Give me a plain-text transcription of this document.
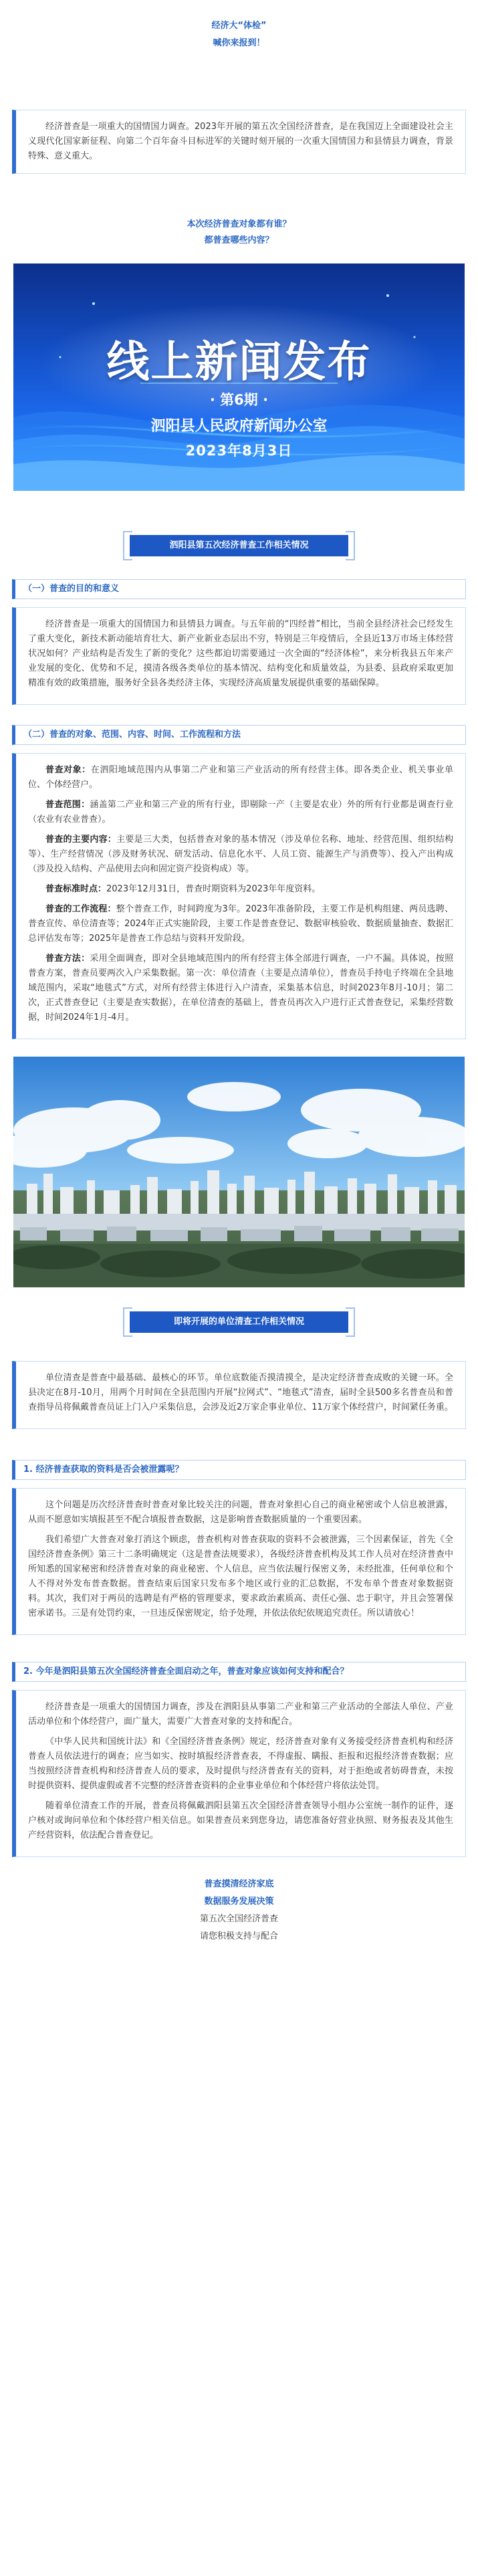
经济大“体检”
喊你来报到！
经济普查是一项重大的国情国力调查。2023年开展的第五次全国经济普查，是在我国迈上全面建设社会主义现代化国家新征程、向第二个百年奋斗目标进军的关键时刻开展的一次重大国情国力和县情县力调查，背景特殊、意义重大。
本次经济普查对象都有谁？
都普查哪些内容？
线上新闻发布
· 第6期 ·
泗阳县人民政府新闻办公室
2023年8月3日
泗阳县第五次经济普查工作相关情况
（一）普查的目的和意义

经济普查是一项重大的国情国力和县情县力调查。与五年前的“四经普”相比，当前全县经济社会已经发生了重大变化，新技术新动能培育壮大、新产业新业态层出不穷，特别是三年疫情后，全县近13万市场主体经营状况如何？产业结构是否发生了新的变化？这些都迫切需要通过一次全面的“经济体检”，来分析我县五年来产业发展的变化、优势和不足，摸清各级各类单位的基本情况、结构变化和质量效益，为县委、县政府采取更加精准有效的政策措施，服务好全县各类经济主体，实现经济高质量发展提供重要的基础保障。

（二）普查的对象、范围、内容、时间、工作流程和方法

普查对象：在泗阳地域范围内从事第二产业和第三产业活动的所有经营主体。即各类企业、机关事业单位、个体经营户。

普查范围：涵盖第二产业和第三产业的所有行业，即剔除一产（主要是农业）外的所有行业都是调查行业（农业有农业普查）。

普查的主要内容：主要是三大类，包括普查对象的基本情况（涉及单位名称、地址、经营范围、组织结构等）、生产经营情况（涉及财务状况、研发活动、信息化水平、人员工资、能源生产与消费等）、投入产出构成（涉及投入结构、产品使用去向和固定资产投资构成）等。

普查标准时点：2023年12月31日，普查时期资料为2023年年度资料。

普查的工作流程：整个普查工作，时间跨度为3年。2023年准备阶段，主要工作是机构组建、两员选聘、普查宣传、单位清查等；2024年正式实施阶段，主要工作是普查登记、数据审核验收、数据质量抽查、数据汇总评估发布等；2025年是普查工作总结与资料开发阶段。

普查方法：采用全面调查，即对全县地域范围内的所有经营主体全部进行调查，一户不漏。具体说，按照普查方案，普查员要两次入户采集数据。第一次：单位清查（主要是点清单位），普查员手持电子终端在全县地域范围内，采取“地毯式”方式，对所有经营主体进行入户清查，采集基本信息，时间2023年8月-10月；第二次，正式普查登记（主要是查实数据），在单位清查的基础上，普查员再次入户进行正式普查登记，采集经营数据，时间2024年1月-4月。

即将开展的单位清查工作相关情况

单位清查是普查中最基础、最核心的环节。单位底数能否摸清摸全，是决定经济普查成败的关键一环。全县决定在8月-10月，用两个月时间在全县范围内开展“拉网式”、“地毯式”清查，届时全县500多名普查员和普查指导员将佩戴普查员证上门入户采集信息，会涉及近2万家企事业单位、11万家个体经营户，时间紧任务重。

1. 经济普查获取的资料是否会被泄露呢？

这个问题是历次经济普查时普查对象比较关注的问题，普查对象担心自己的商业秘密或个人信息被泄露，从而不愿意如实填报甚至不配合填报普查数据，这是影响普查数据质量的一个重要因素。

我们希望广大普查对象打消这个顾虑，普查机构对普查获取的资料不会被泄露，三个因素保证，首先《全国经济普查条例》第三十二条明确规定（这是普查法规要求），各级经济普查机构及其工作人员对在经济普查中所知悉的国家秘密和经济普查对象的商业秘密、个人信息，应当依法履行保密义务，未经批准，任何单位和个人不得对外发布普查数据。普查结束后国家只发布多个地区或行业的汇总数据，不发布单个普查对象数据资料。其次，我们对于两员的选聘是有严格的管理要求，要求政治素质高、责任心强、忠于职守，并且会签署保密承诺书。三是有处罚约束，一旦违反保密规定，给予处理，并依法依纪依规追究责任。所以请放心！

2. 今年是泗阳县第五次全国经济普查全面启动之年，普查对象应该如何支持和配合？

经济普查是一项重大的国情国力调查，涉及在泗阳县从事第二产业和第三产业活动的全部法人单位、产业活动单位和个体经营户，面广量大，需要广大普查对象的支持和配合。

《中华人民共和国统计法》和《全国经济普查条例》规定，经济普查对象有义务接受经济普查机构和经济普查人员依法进行的调查；应当如实、按时填报经济普查表，不得虚报、瞒报、拒报和迟报经济普查数据；应当按照经济普查机构和经济普查人员的要求，及时提供与经济普查有关的资料，对于拒绝或者妨碍普查，未按时提供资料、提供虚假或者不完整的经济普查资料的企业事业单位和个体经营户将依法处罚。

随着单位清查工作的开展，普查员将佩戴泗阳县第五次全国经济普查领导小组办公室统一制作的证件，逐户核对或询问单位和个体经营户相关信息。如果普查员来到您身边，请您准备好营业执照、财务报表及其他生产经营资料，依法配合普查登记。

普查摸清经济家底
数据服务发展决策
第五次全国经济普查
请您积极支持与配合
